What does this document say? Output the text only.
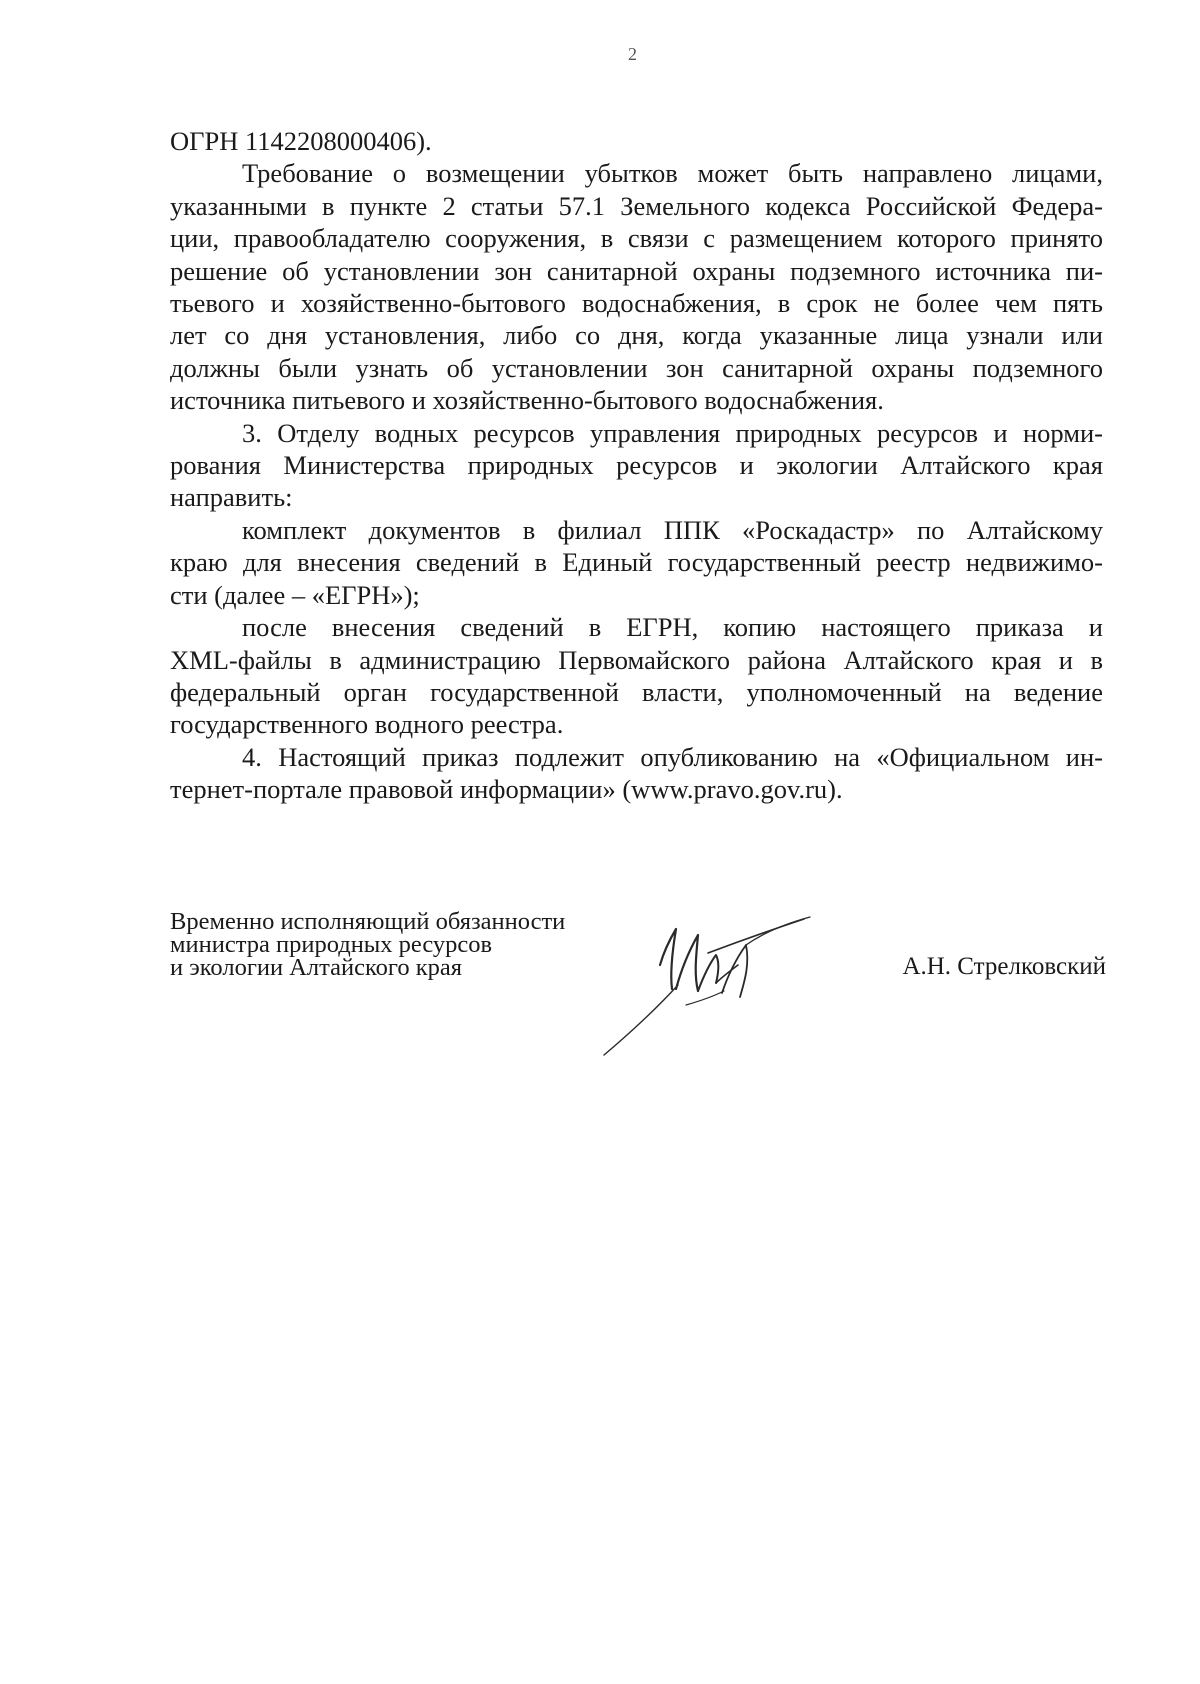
2

ОГРН 1142208000406).

Требование о возмещении убытков может быть направлено лицами,

указанными в пункте 2 статьи 57.1 Земельного кодекса Российской Федера-

ции, правообладателю сооружения, в связи с размещением которого принято

решение об установлении зон санитарной охраны подземного источника пи-

тьевого и хозяйственно-бытового водоснабжения, в срок не более чем пять

лет со дня установления, либо со дня, когда указанные лица узнали или

должны были узнать об установлении зон санитарной охраны подземного

источника питьевого и хозяйственно-бытового водоснабжения.

3. Отделу водных ресурсов управления природных ресурсов и норми-

рования Министерства природных ресурсов и экологии Алтайского края

направить:

комплект документов в филиал ППК «Роскадастр» по Алтайскому

краю для внесения сведений в Единый государственный реестр недвижимо-

сти (далее – «ЕГРН»);

после внесения сведений в ЕГРН, копию настоящего приказа и

XML-файлы в администрацию Первомайского района Алтайского края и в

федеральный орган государственной власти, уполномоченный на ведение

государственного водного реестра.

4. Настоящий приказ подлежит опубликованию на «Официальном ин-

тернет-портале правовой информации» (www.pravo.gov.ru).

Временно исполняющий обязанности
министра природных ресурсов
и экологии Алтайского края	А.Н. Стрелковский
